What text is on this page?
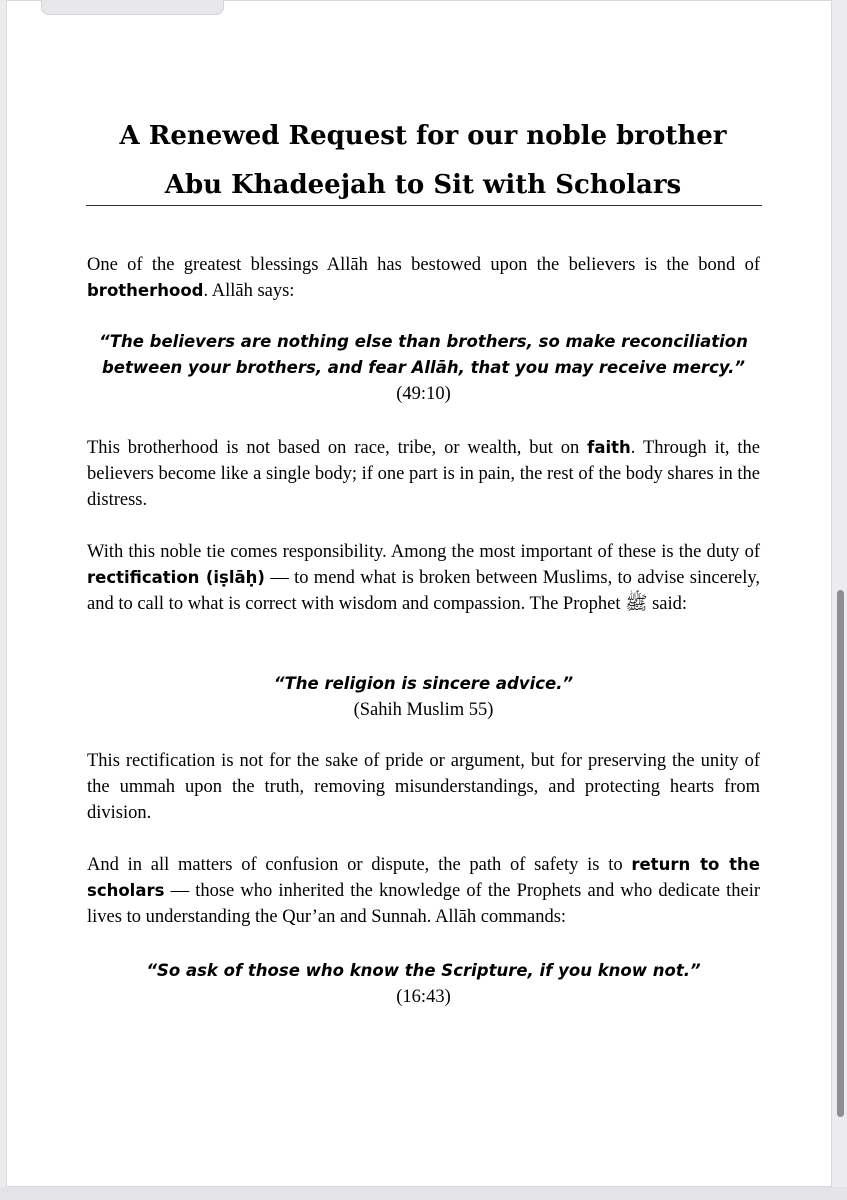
A Renewed Request for our noble brother
Abu Khadeejah to Sit with Scholars

One of the greatest blessings Allāh has bestowed upon the believers is the bond of brotherhood. Allāh says:

“The believers are nothing else than brothers, so make reconciliation
between your brothers, and fear Allāh, that you may receive mercy.”

(49:10)

This brotherhood is not based on race, tribe, or wealth, but on faith. Through it, the believers become like a single body; if one part is in pain, the rest of the body shares in the distress.

With this noble tie comes responsibility. Among the most important of these is the duty of rectification (iṣlāḥ) — to mend what is broken between Muslims, to advise sincerely, and to call to what is correct with wisdom and compassion. The Prophet ﷺ said:

“The religion is sincere advice.”

(Sahih Muslim 55)

This rectification is not for the sake of pride or argument, but for preserving the unity of the ummah upon the truth, removing misunderstandings, and protecting hearts from division.

And in all matters of confusion or dispute, the path of safety is to return to the scholars — those who inherited the knowledge of the Prophets and who dedicate their lives to understanding the Qur’an and Sunnah. Allāh commands:

“So ask of those who know the Scripture, if you know not.”

(16:43)
